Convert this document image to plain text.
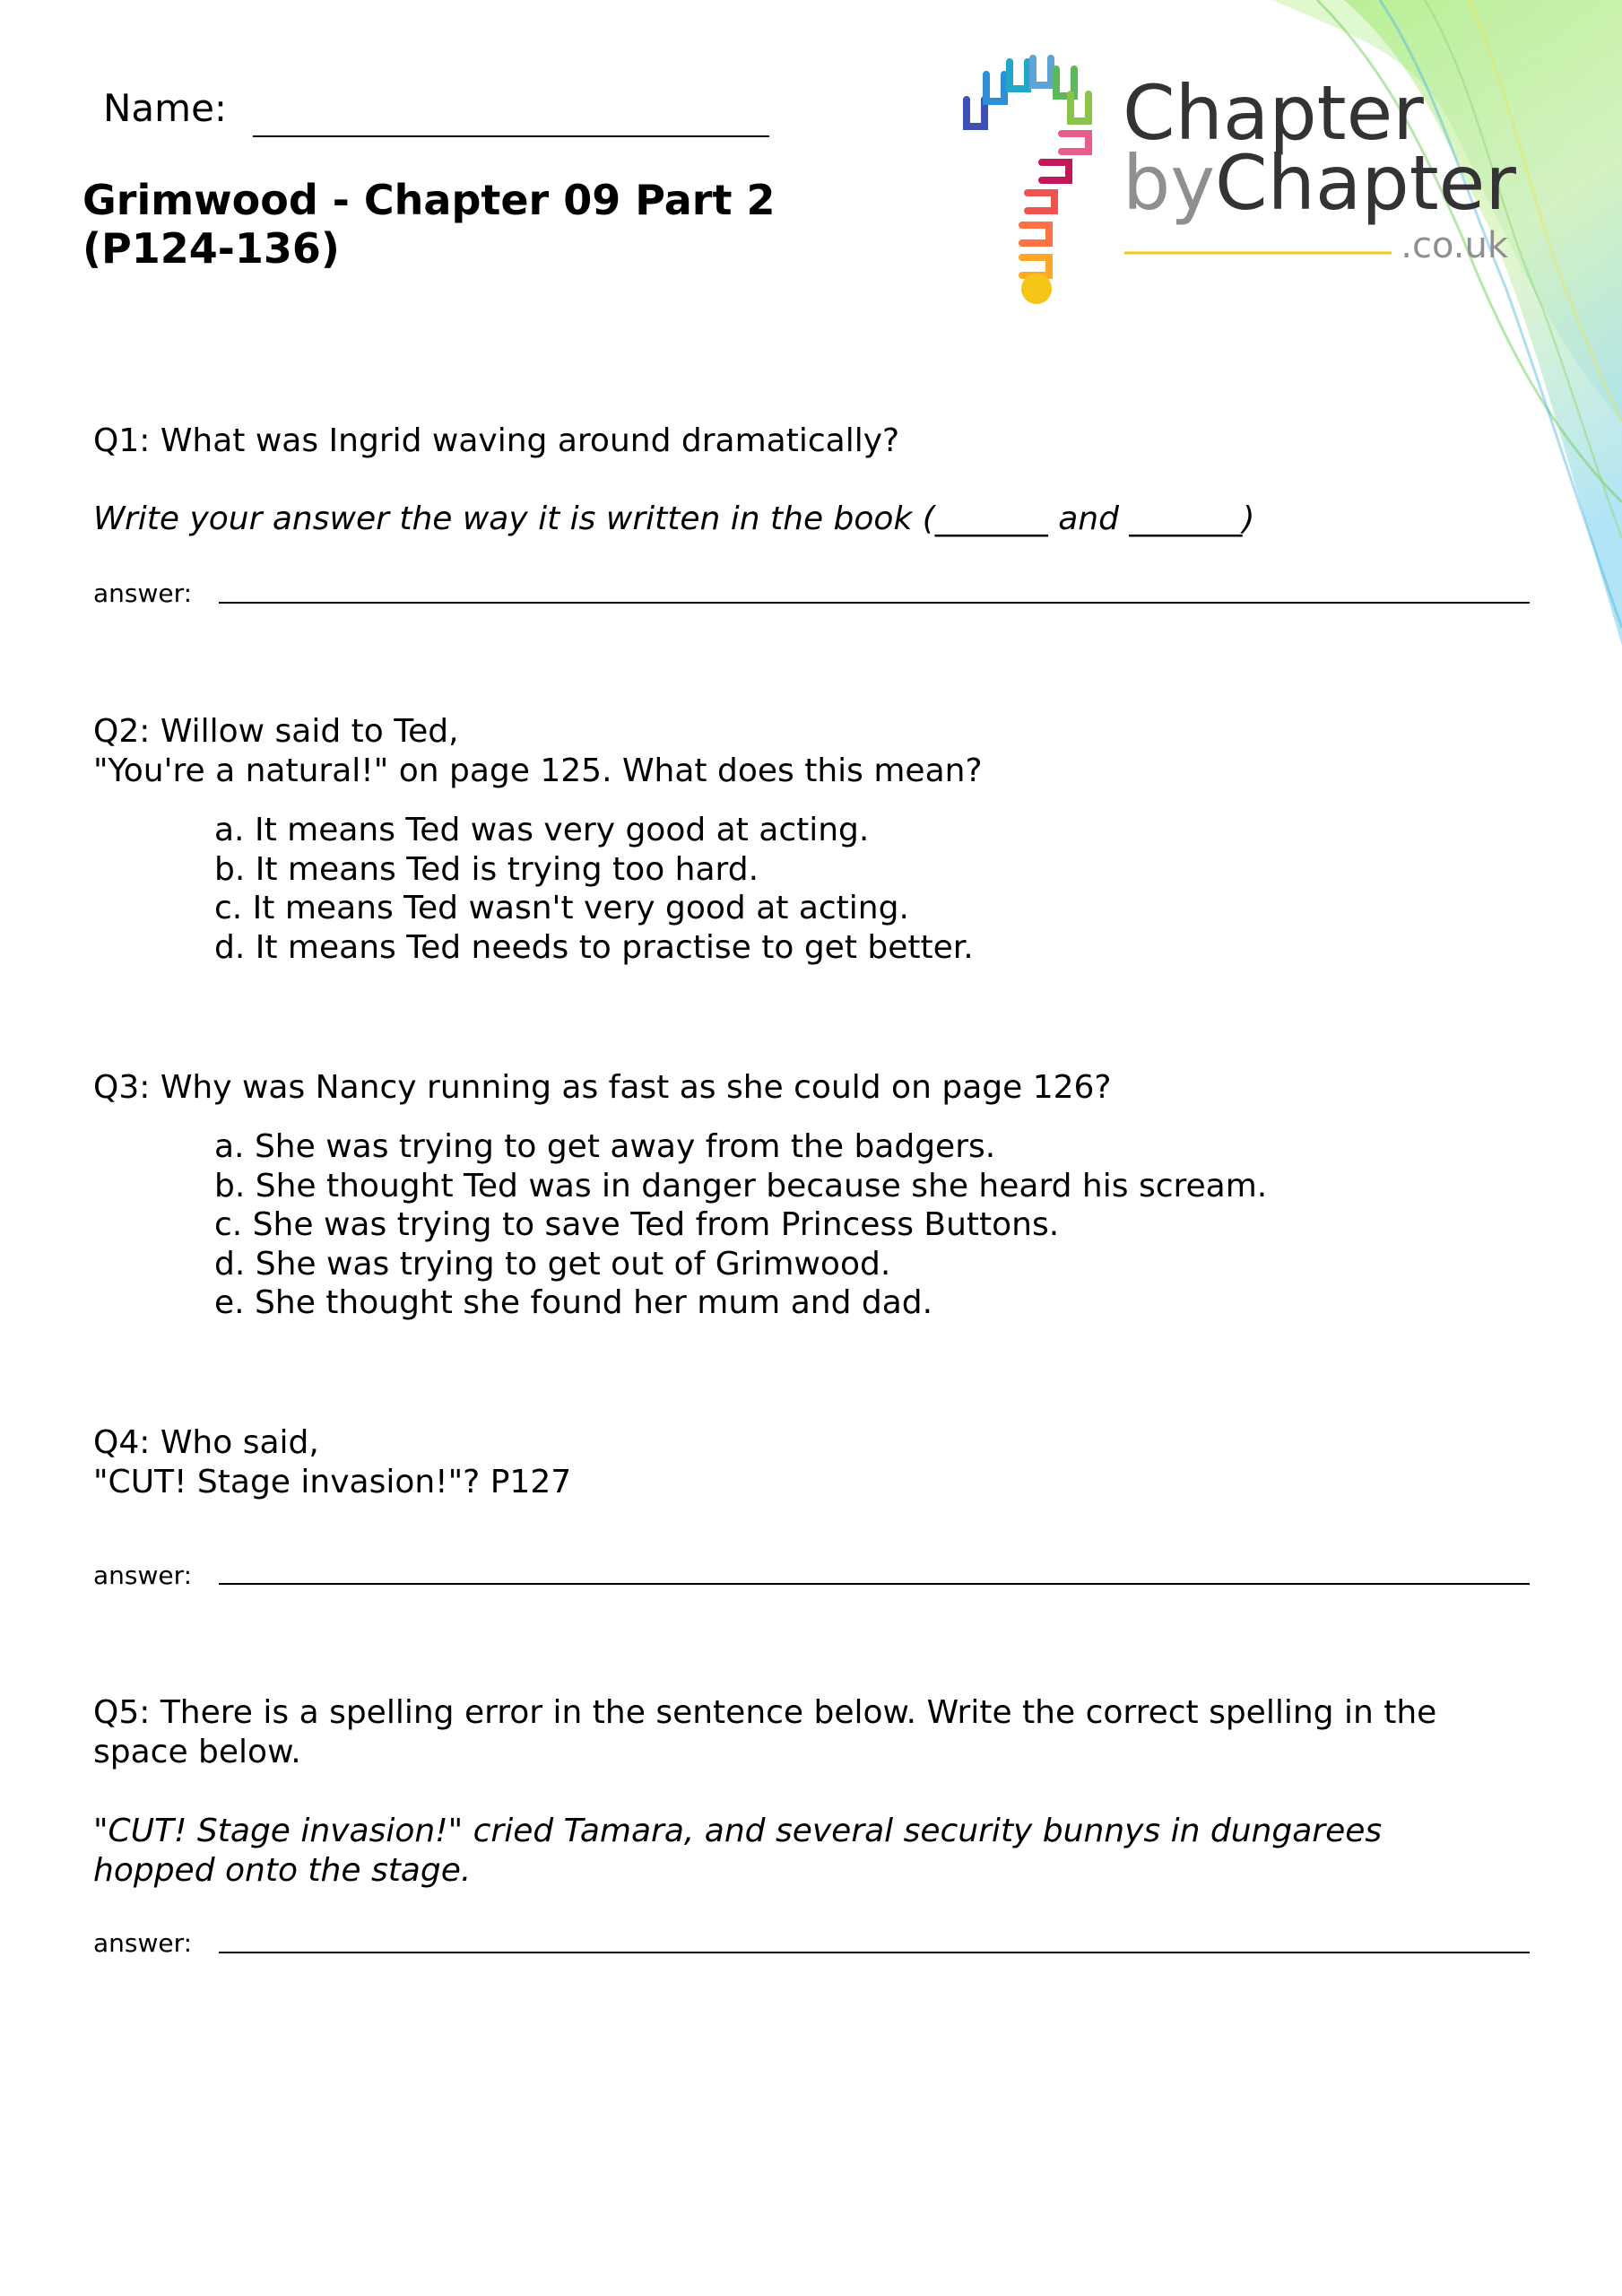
Chapter
byChapter
.co.uk
Name:
Grimwood - Chapter 09 Part 2
(P124-136)
Q1: What was Ingrid waving around dramatically?
Write your answer the way it is written in the book (_______ and _______)
answer:
Q2: Willow said to Ted,
"You're a natural!" on page 125. What does this mean?
a. It means Ted was very good at acting.
b. It means Ted is trying too hard.
c. It means Ted wasn't very good at acting.
d. It means Ted needs to practise to get better.
Q3: Why was Nancy running as fast as she could on page 126?
a. She was trying to get away from the badgers.
b. She thought Ted was in danger because she heard his scream.
c. She was trying to save Ted from Princess Buttons.
d. She was trying to get out of Grimwood.
e. She thought she found her mum and dad.
Q4: Who said,
"CUT! Stage invasion!"? P127
answer:
Q5: There is a spelling error in the sentence below. Write the correct spelling in the
space below.
"CUT! Stage invasion!" cried Tamara, and several security bunnys in dungarees
hopped onto the stage.
answer:
